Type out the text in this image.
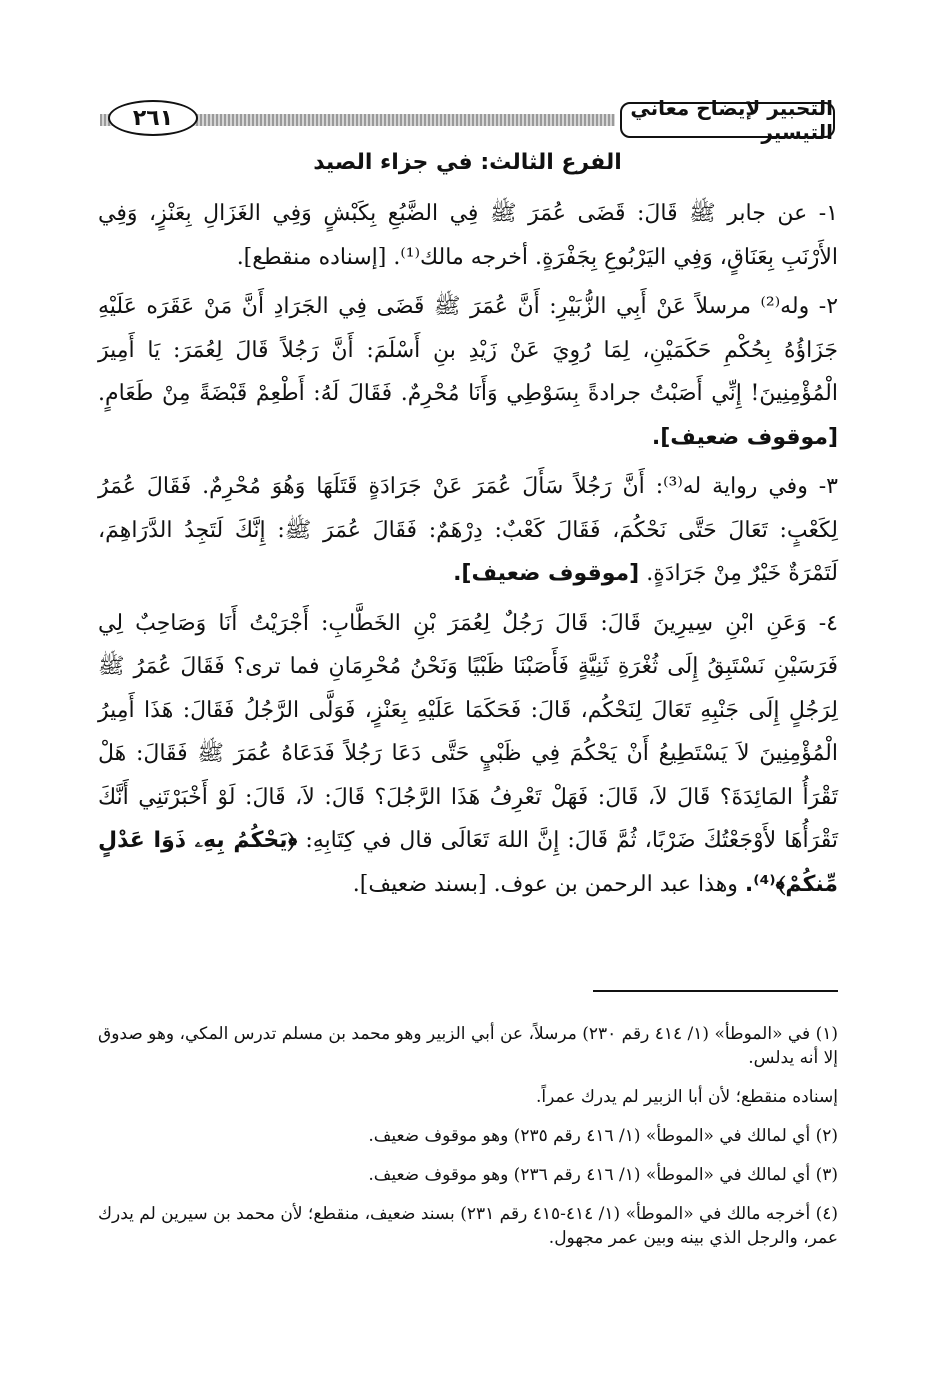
التحبير لإيضاح معاني التيسير
٢٦١
الفرع الثالث: في جزاء الصيد

١- عن جابر ﷺ قَالَ: قَضَى عُمَرَ ﷺ فِي الضَّبُعِ بِكَبْشٍ وَفِي الغَزَالِ بِعَنْزٍ، وَفِي الأَرْنَبِ بِعَنَاقٍ، وَفِي اليَرْبُوعِ بِجَفْرَةٍ. أخرجه مالك⁽¹⁾. [إسناده منقطع].

٢- وله⁽²⁾ مرسلاً عَنْ أَبِي الزُّبَيْرِ: أَنَّ عُمَرَ ﷺ قَضَى فِي الجَرَادِ أَنَّ مَنْ عَقَرَه عَلَيْهِ جَزَاؤُهُ بِحُكْمِ حَكَمَيْنِ، لِمَا رُوِيَ عَنْ زَيْدِ بنِ أَسْلَمَ: أَنَّ رَجُلاً قَالَ لِعُمَرَ: يَا أَمِيرَ الْمُؤْمِنِينَ! إِنِّي أَصَبْتُ جرادةً بِسَوْطِي وَأَنَا مُحْرِمٌ. فَقَالَ لَهُ: أَطْعِمْ قَبْضَةً مِنْ طَعَامٍ. [موقوف ضعيف].

٣- وفي رواية له⁽³⁾: أَنَّ رَجُلاً سَأَلَ عُمَرَ عَنْ جَرَادَةٍ قَتَلَهَا وَهُوَ مُحْرِمٌ. فَقَالَ عُمَرُ لِكَعْبٍ: تَعَالَ حَتَّى نَحْكُمَ، فَقَالَ كَعْبٌ: دِرْهَمٌ: فَقَالَ عُمَرَ ﷺ: إِنَّكَ لَتَجِدُ الدَّرَاهِمَ، لَتَمْرَةٌ خَيْرٌ مِنْ جَرَادَةٍ. [موقوف ضعيف].

٤- وَعَنِ ابْنِ سِيرِينَ قَالَ: قَالَ رَجُلٌ لِعُمَرَ بْنِ الخَطَّابِ: أَجْرَيْتُ أَنَا وَصَاحِبٌ لِي فَرَسَيْنِ نَسْتَبِقُ إِلَى ثُغْرَةِ ثَنِيَّةٍ فَأَصَبْنَا ظَبْيًا وَنَحْنُ مُحْرِمَانِ فما ترى؟ فَقَالَ عُمَرُ ﷺ لِرَجُلٍ إِلَى جَنْبِهِ تَعَالَ لِنَحْكُم، قَالَ: فَحَكَمَا عَلَيْهِ بِعَنْزٍ، فَوَلَّى الرَّجُلُ فَقَالَ: هَذَا أَمِيرُ الْمُؤْمِنِينَ لاَ يَسْتَطِيعُ أَنْ يَحْكُمَ فِي ظَبْيٍ حَتَّى دَعَا رَجُلاً فَدَعَاهُ عُمَرَ ﷺ فَقَالَ: هَلْ تَقْرَأُ المَائِدَةَ؟ قَالَ لاَ، قَالَ: فَهَلْ تَعْرِفُ هَذَا الرَّجُلَ؟ قَالَ: لاَ، قَالَ: لَوْ أَخْبَرْتَنِي أَنَّكَ تَقْرَأُهَا لأَوْجَعْتُكَ ضَرْبًا، ثُمَّ قَالَ: إِنَّ اللهَ تَعَالَى قال في كِتَابِهِ: ﴿يَحْكُمُ بِهِۦ ذَوَا عَدْلٍ مِّنكُمْ﴾⁽⁴⁾. وهذا عبد الرحمن بن عوف. [بسند ضعيف].

(١) في «الموطأ» (١/ ٤١٤ رقم ٢٣٠) مرسلاً، عن أبي الزبير وهو محمد بن مسلم تدرس المكي، وهو صدوق إلا أنه يدلس.

إسناده منقطع؛ لأن أبا الزبير لم يدرك عمراً.

(٢) أي لمالك في «الموطأ» (١/ ٤١٦ رقم ٢٣٥) وهو موقوف ضعيف.

(٣) أي لمالك في «الموطأ» (١/ ٤١٦ رقم ٢٣٦) وهو موقوف ضعيف.

(٤) أخرجه مالك في «الموطأ» (١/ ٤١٤-٤١٥ رقم ٢٣١) بسند ضعيف، منقطع؛ لأن محمد بن سيرين لم يدرك عمر، والرجل الذي بينه وبين عمر مجهول.
